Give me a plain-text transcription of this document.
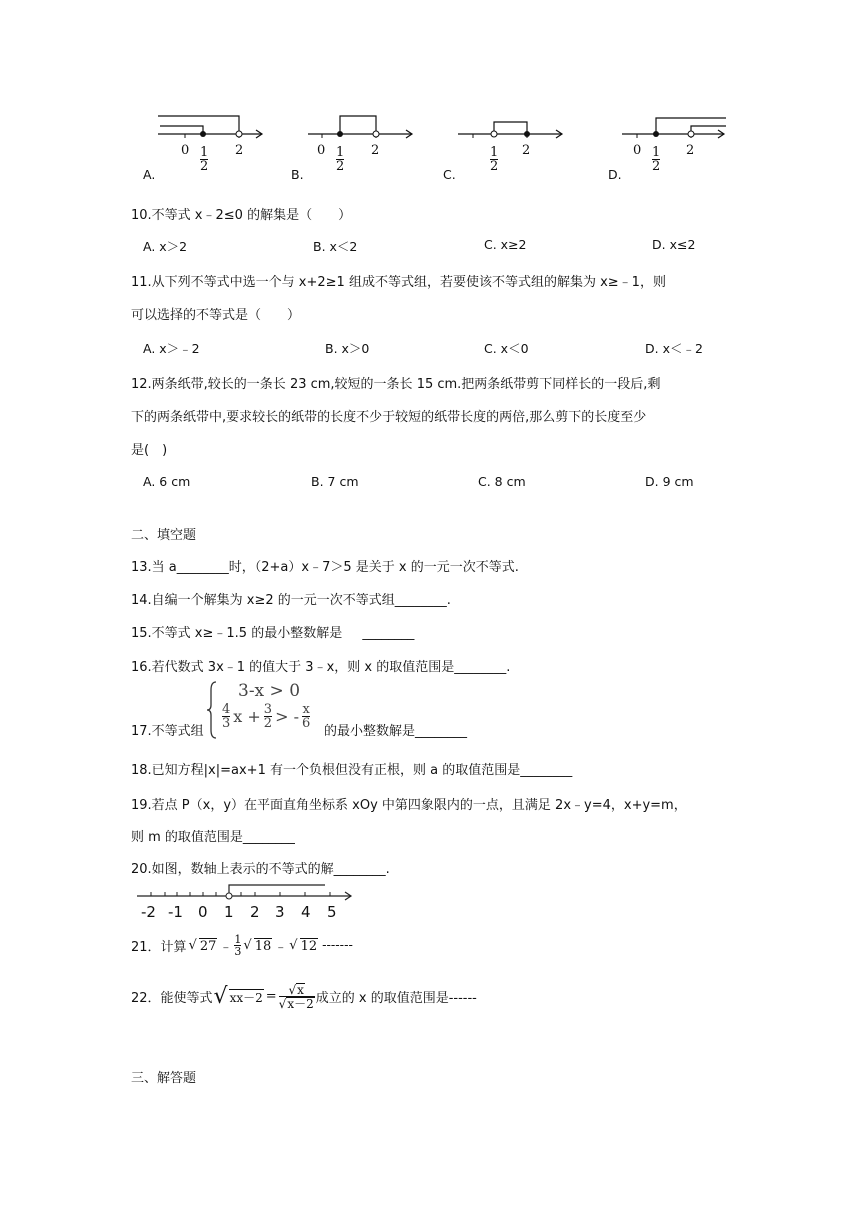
0	2
1
2
0	2
1
2
2
1
2
0	2
1
2
A.	B.	C.	D.
10.不等式 x﹣2≤0 的解集是（　　）
A. x＞2	B. x＜2	C. x≥2	D. x≤2
11.从下列不等式中选一个与 x+2≥1 组成不等式组，若要使该不等式组的解集为 x≥﹣1，则
可以选择的不等式是（　　）
A. x＞﹣2	B. x＞0	C. x＜0	D. x＜﹣2
12.两条纸带,较长的一条长 23 cm,较短的一条长 15 cm.把两条纸带剪下同样长的一段后,剩
下的两条纸带中,要求较长的纸带的长度不少于较短的纸带长度的两倍,那么剪下的长度至少
是(　)
A. 6 cm	B. 7 cm	C. 8 cm	D. 9 cm
二、填空题
13.当 a________时，（2+a）x﹣7＞5 是关于 x 的一元一次不等式.
14.自编一个解集为 x≥2 的一元一次不等式组________.
15.不等式 x≥﹣1.5 的最小整数解是 ________
16.若代数式 3x﹣1 的值大于 3﹣x，则 x 的取值范围是________.
17.不等式组
3-x > 0
$\frac{4}{3}$ $x + \frac{3}{2}$ > - $\frac{x}{6}$
的最小整数解是________
18.已知方程|x|=ax+1 有一个负根但没有正根，则 a 的取值范围是________
19.若点 P（x，y）在平面直角坐标系 xOy 中第四象限内的一点，且满足 2x﹣y=4，x+y=m，
则 m 的取值范围是________
20.如图，数轴上表示的不等式的解________.
-2 -1 0 1 2 3 4 5
21．计算 √ 27 ﹣ $\frac{1}{3}$ √ 18 ﹣ √ 12 -------
22．能使等式 √ $xx-2 = \frac{√x}{√x-2}$ 成立的 x 的取值范围是------
三、解答题
